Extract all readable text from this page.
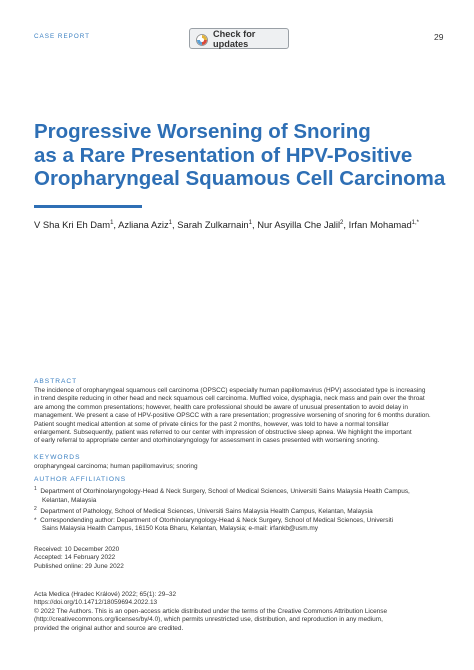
CASE REPORT	Check for updates
29
Progressive Worsening of Snoring
as a Rare Presentation of HPV-Positive
Oropharyngeal Squamous Cell Carcinoma
V Sha Kri Eh Dam$^1$, Azliana Aziz$^1$, Sarah Zulkarnain$^1$, Nur Asyilla Che Jalil$^2$, Irfan Mohamad$^{1,*}$
ABSTRACT
The incidence of oropharyngeal squamous cell carcinoma (OPSCC) especially human papillomavirus (HPV) associated type is increasing
in trend despite reducing in other head and neck squamous cell carcinoma. Muffled voice, dysphagia, neck mass and pain over the throat
are among the common presentations; however, health care professional should be aware of unusual presentation to avoid delay in
management. We present a case of HPV-positive OPSCC with a rare presentation; progressive worsening of snoring for 6 months duration.
Patient sought medical attention at some of private clinics for the past 2 months, however, was told to have a normal tonsillar
enlargement. Subsequently, patient was referred to our center with impression of obstructive sleep apnea. We highlight the important
of early referral to appropriate center and otorhinolaryngology for assessment in cases presented with worsening snoring.
KEYWORDS
oropharyngeal carcinoma; human papillomavirus; snoring
AUTHOR AFFILIATIONS
$^1$ Department of Otorhinolaryngology-Head & Neck Surgery, School of Medical Sciences, Universiti Sains Malaysia Health Campus,
Kelantan, Malaysia
$^2$ Department of Pathology, School of Medical Sciences, Universiti Sains Malaysia Health Campus, Kelantan, Malaysia
* Correspondending author: Department of Otorhinolaryngology-Head & Neck Surgery, School of Medical Sciences, Universiti
Sains Malaysia Health Campus, 16150 Kota Bharu, Kelantan, Malaysia; e-mail: irfankb@usm.my
Received: 10 December 2020
Accepted: 14 February 2022
Published online: 29 June 2022
Acta Medica (Hradec Králové) 2022; 65(1): 29–32
https://doi.org/10.14712/18059694.2022.13
© 2022 The Authors. This is an open-access article distributed under the terms of the Creative Commons Attribution License
(http://creativecommons.org/licenses/by/4.0), which permits unrestricted use, distribution, and reproduction in any medium,
provided the original author and source are credited.
